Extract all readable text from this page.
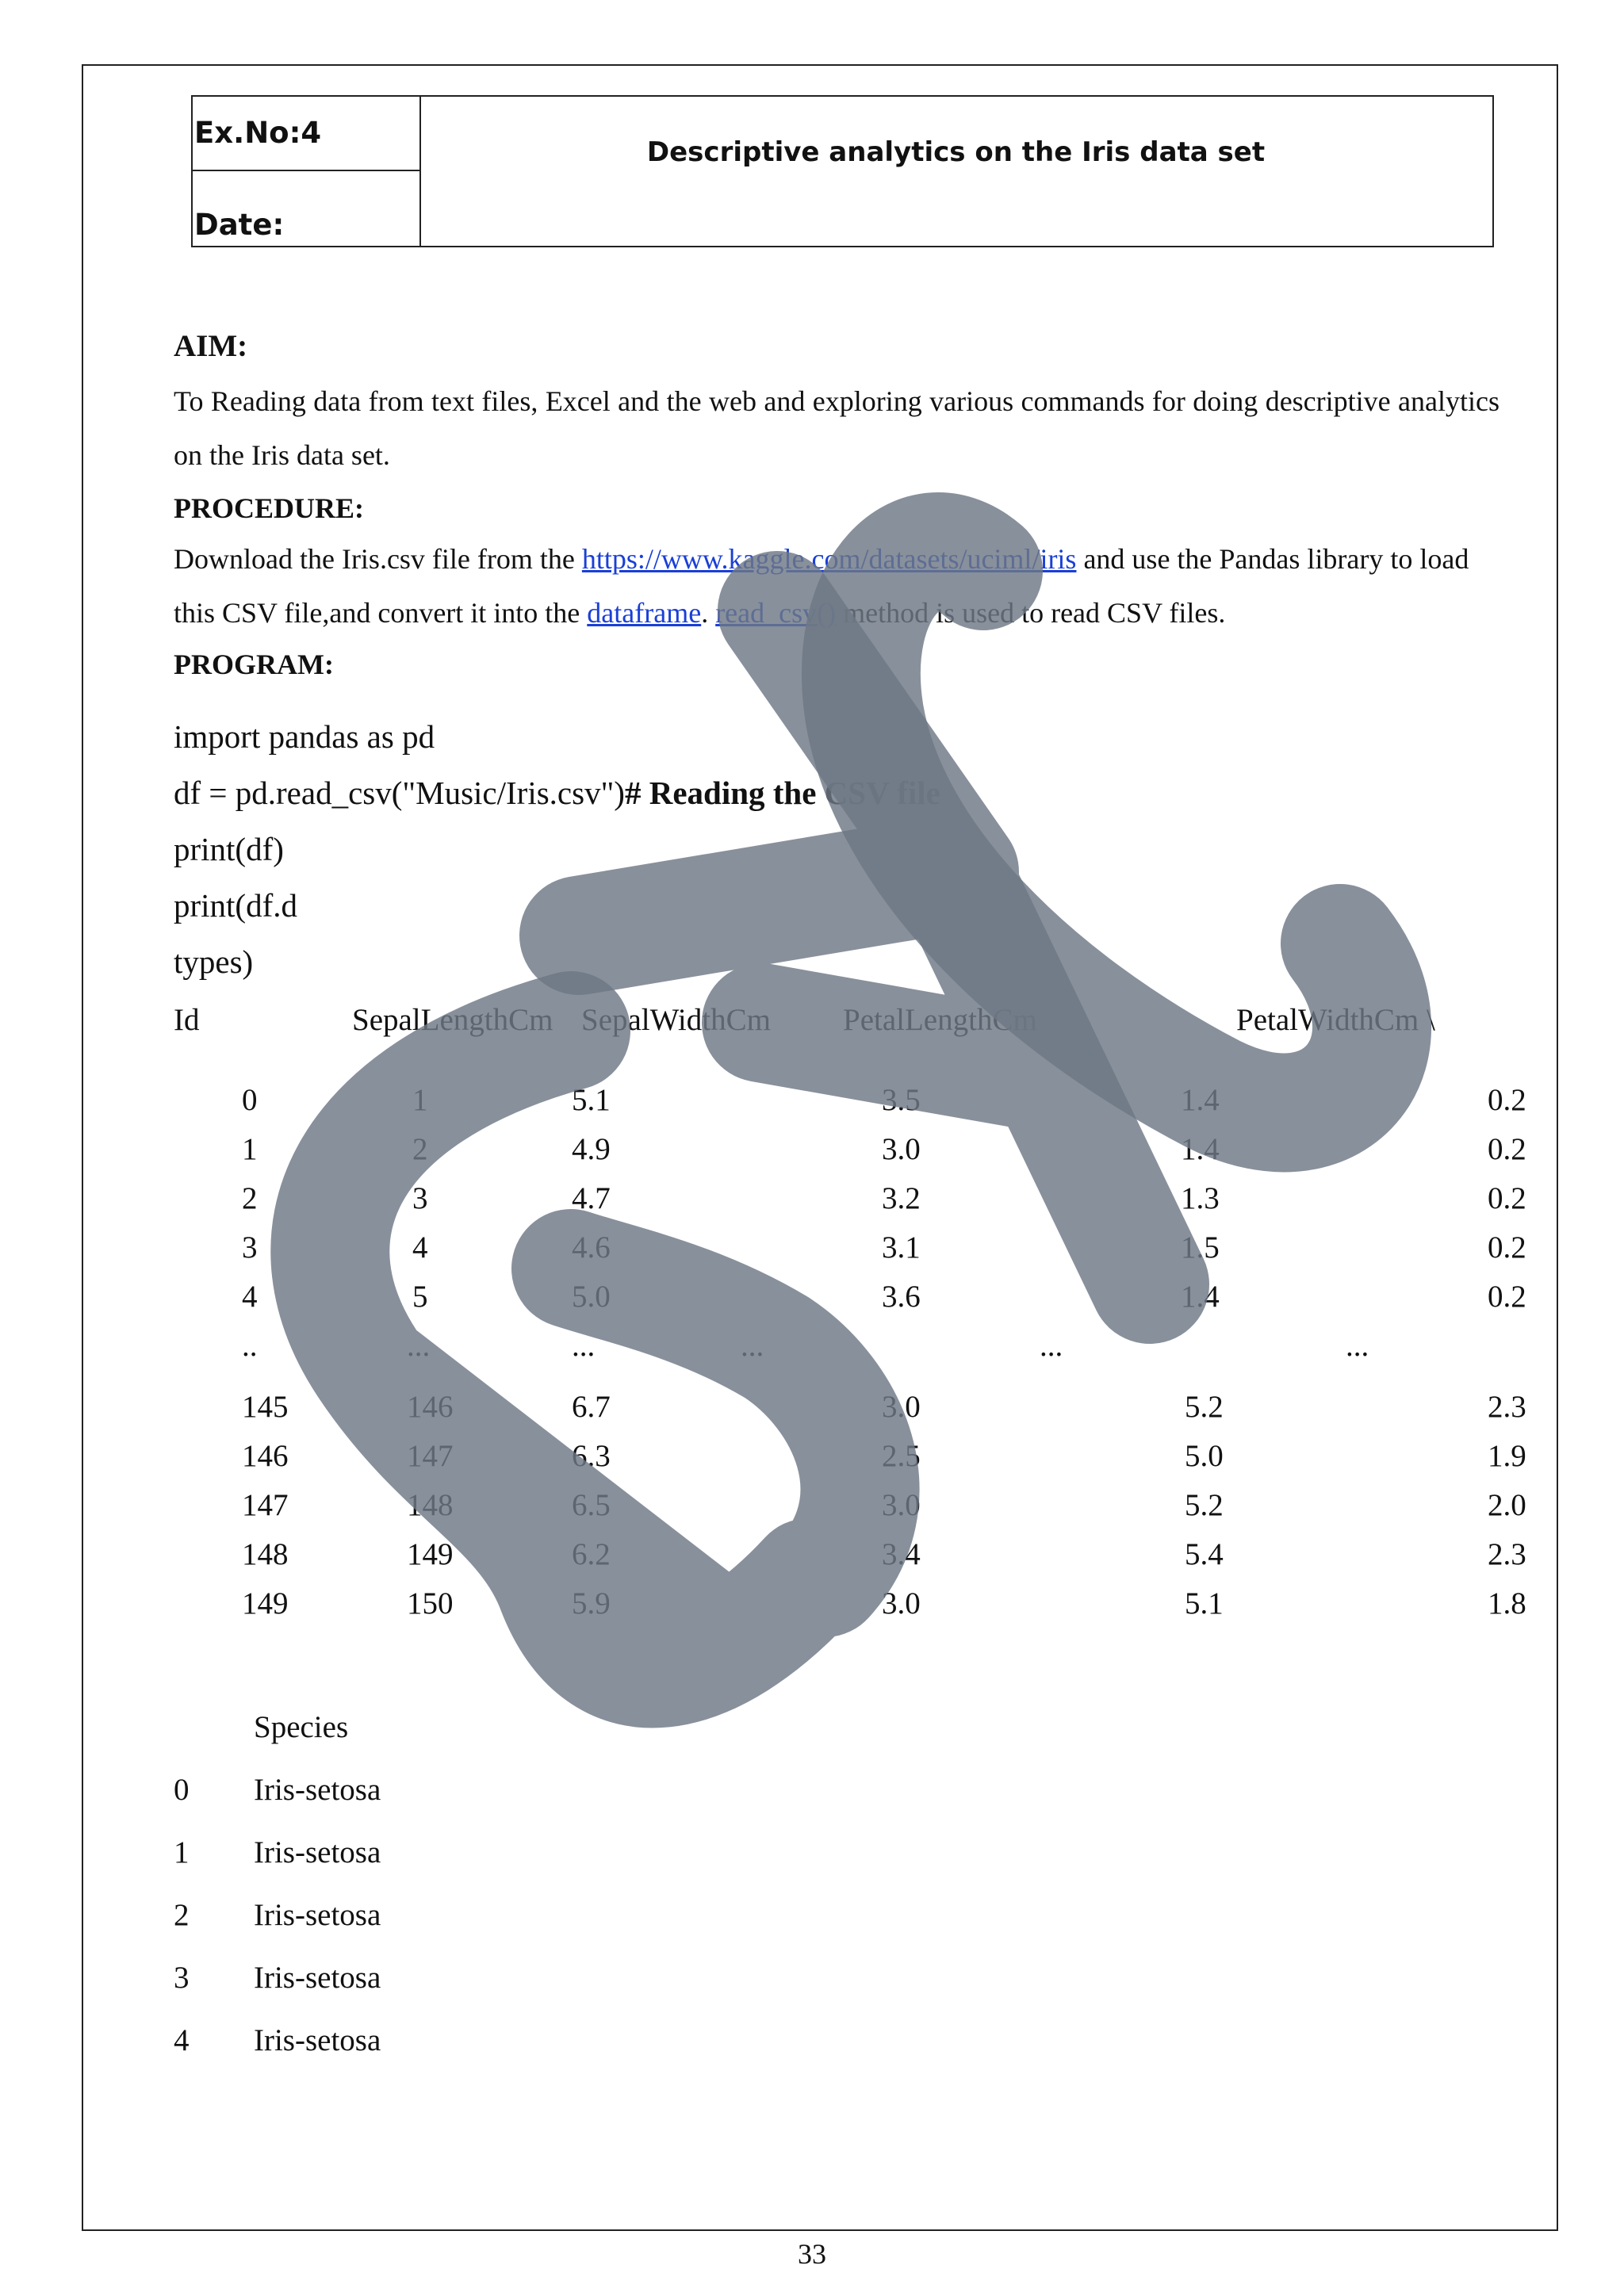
Ex.No:4
Date:
Descriptive analytics on the Iris data set
AIM:
To Reading data from text files, Excel and the web and exploring various commands for doing descriptive analytics on the Iris data set.
PROCEDURE:
Download the Iris.csv file from the https://www.kaggle.com/datasets/uciml/iris and use the Pandas library to load this CSV file,and convert it into the dataframe. read_csv() method is used to read CSV files.
PROGRAM:
import pandas as pd
df = pd.read_csv("Music/Iris.csv")# Reading the CSV file
print(df)
print(df.d
types)
Id	SepalLengthCm SepalWidthCm PetalLengthCm	PetalWidthCm \
0	1	5.1	3.5	1.4	0.2
1	2	4.9	3.0	1.4	0.2
2	3	4.7	3.2	1.3	0.2
3	4	4.6	3.1	1.5	0.2
4	5	5.0	3.6	1.4	0.2
..	...	...	...	...	...
145	146	6.7	3.0	5.2	2.3
146	147	6.3	2.5	5.0	1.9
147	148	6.5	3.0	5.2	2.0
148	149	6.2	3.4	5.4	2.3
149	150	5.9	3.0	5.1	1.8
Species
0 Iris-setosa
1 Iris-setosa
2 Iris-setosa
3 Iris-setosa
4 Iris-setosa
33
